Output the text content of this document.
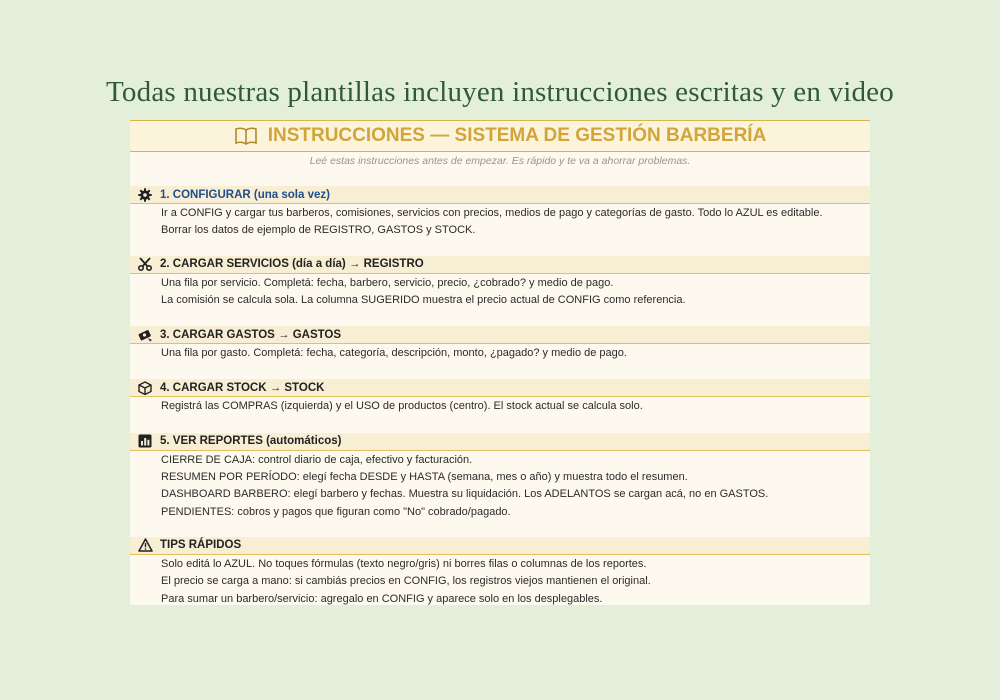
Todas nuestras plantillas incluyen instrucciones escritas y en video
INSTRUCCIONES — SISTEMA DE GESTIÓN BARBERÍA
Leé estas instrucciones antes de empezar. Es rápido y te va a ahorrar problemas.
1. CONFIGURAR (una sola vez)
Ir a CONFIG y cargar tus barberos, comisiones, servicios con precios, medios de pago y categorías de gasto. Todo lo AZUL es editable.
Borrar los datos de ejemplo de REGISTRO, GASTOS y STOCK.
2. CARGAR SERVICIOS (día a día) → REGISTRO
Una fila por servicio. Completá: fecha, barbero, servicio, precio, ¿cobrado? y medio de pago.
La comisión se calcula sola. La columna SUGERIDO muestra el precio actual de CONFIG como referencia.
3. CARGAR GASTOS → GASTOS
Una fila por gasto. Completá: fecha, categoría, descripción, monto, ¿pagado? y medio de pago.
4. CARGAR STOCK → STOCK
Registrá las COMPRAS (izquierda) y el USO de productos (centro). El stock actual se calcula solo.
5. VER REPORTES (automáticos)
CIERRE DE CAJA: control diario de caja, efectivo y facturación.
RESUMEN POR PERÍODO: elegí fecha DESDE y HASTA (semana, mes o año) y muestra todo el resumen.
DASHBOARD BARBERO: elegí barbero y fechas. Muestra su liquidación. Los ADELANTOS se cargan acá, no en GASTOS.
PENDIENTES: cobros y pagos que figuran como "No" cobrado/pagado.
TIPS RÁPIDOS
Solo editá lo AZUL. No toques fórmulas (texto negro/gris) ni borres filas o columnas de los reportes.
El precio se carga a mano: si cambiás precios en CONFIG, los registros viejos mantienen el original.
Para sumar un barbero/servicio: agregalo en CONFIG y aparece solo en los desplegables.
